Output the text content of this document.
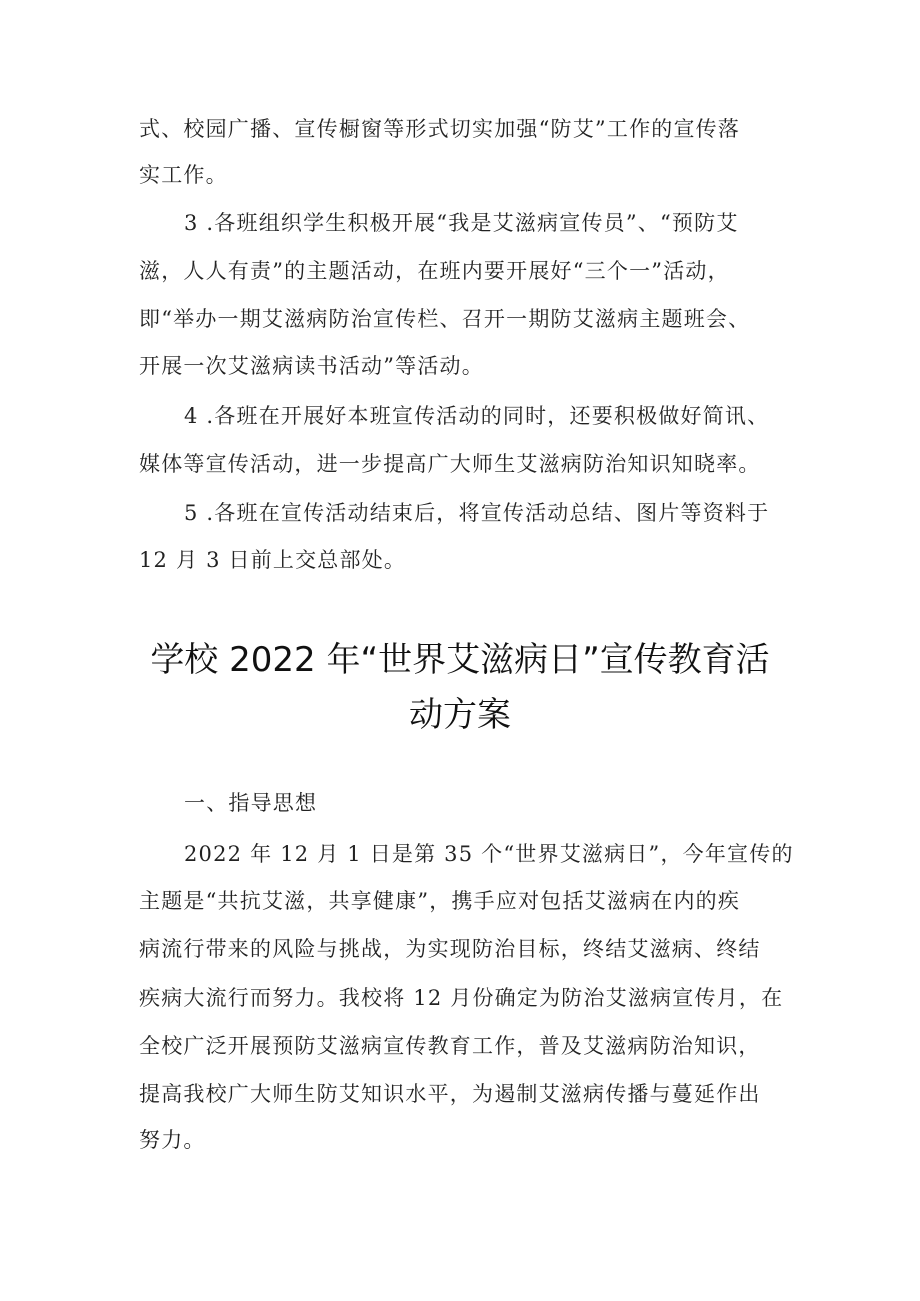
式、校园广播、宣传橱窗等形式切实加强“防艾”工作的宣传落
实工作。
3 .各班组织学生积极开展“我是艾滋病宣传员”、“预防艾
滋，人人有责”的主题活动，在班内要开展好“三个一”活动，
即“举办一期艾滋病防治宣传栏、召开一期防艾滋病主题班会、
开展一次艾滋病读书活动”等活动。
4 .各班在开展好本班宣传活动的同时，还要积极做好简讯、
媒体等宣传活动，进一步提高广大师生艾滋病防治知识知晓率。
5 .各班在宣传活动结束后，将宣传活动总结、图片等资料于
12 月 3 日前上交总部处。
学校 2022 年“世界艾滋病日”宣传教育活
动方案
一、指导思想
2022 年 12 月 1 日是第 35 个“世界艾滋病日”，今年宣传的
主题是“共抗艾滋，共享健康”，携手应对包括艾滋病在内的疾
病流行带来的风险与挑战，为实现防治目标，终结艾滋病、终结
疾病大流行而努力。我校将 12 月份确定为防治艾滋病宣传月，在
全校广泛开展预防艾滋病宣传教育工作，普及艾滋病防治知识，
提高我校广大师生防艾知识水平，为遏制艾滋病传播与蔓延作出
努力。
